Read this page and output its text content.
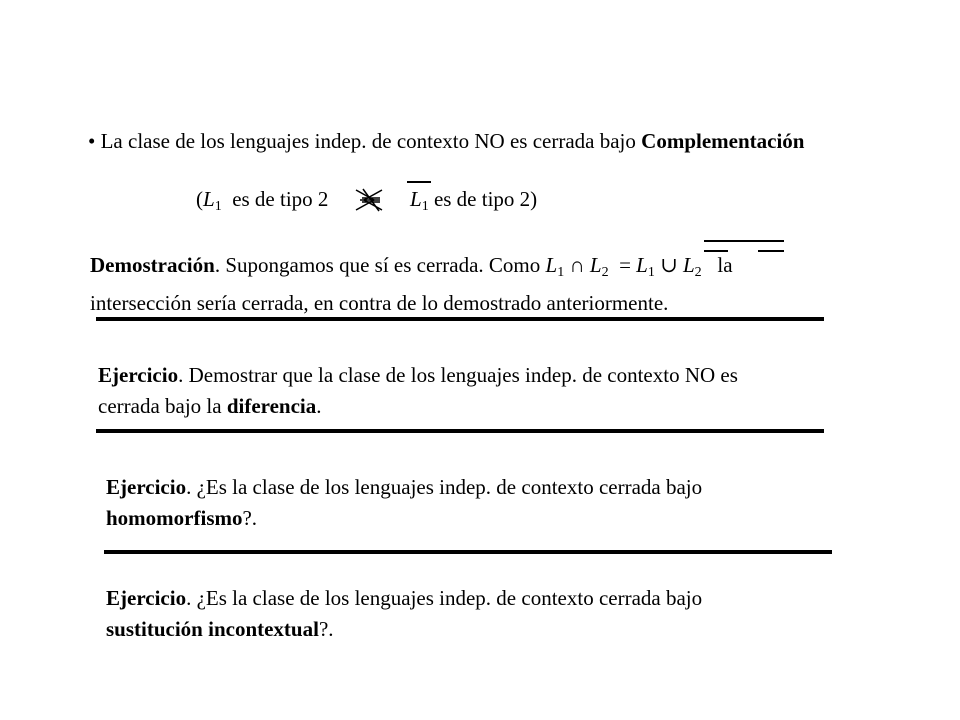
• La clase de los lenguajes indep. de contexto NO es cerrada bajo Complementación
($L_1$ es de tipo 2	$L_1$ es de tipo 2)
Demostración. Supongamos que sí es cerrada. Como $L_1$ ∩ $L_2 = L_1$ ∪ $L_2$ la
intersección sería cerrada, en contra de lo demostrado anteriormente.
Ejercicio. Demostrar que la clase de los lenguajes indep. de contexto NO es
cerrada bajo la diferencia.
Ejercicio. ¿Es la clase de los lenguajes indep. de contexto cerrada bajo
homomorfismo?.
Ejercicio. ¿Es la clase de los lenguajes indep. de contexto cerrada bajo
sustitución incontextual?.
